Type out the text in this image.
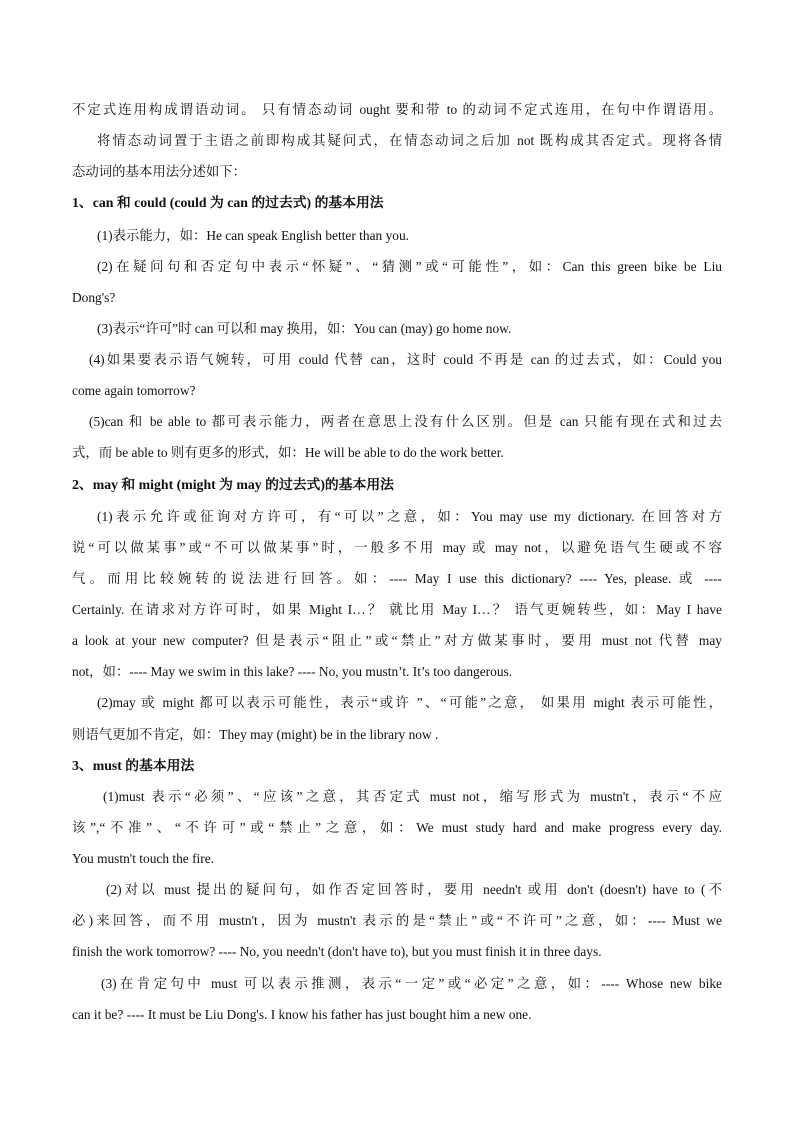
不定式连用构成谓语动词。 只有情态动词 ought 要和带 to 的动词不定式连用，在句中作谓语用。
将情态动词置于主语之前即构成其疑问式，在情态动词之后加 not 既构成其否定式。现将各情
态动词的基本用法分述如下：
1、can 和 could (could 为 can 的过去式) 的基本用法
(1)表示能力，如：He can speak English better than you.
(2)在疑问句和否定句中表示“怀疑”、“猜测”或“可能性”，如：Can this green bike be Liu
Dong's?
(3)表示“许可”时 can 可以和 may 换用，如：You can (may) go home now.
(4)如果要表示语气婉转，可用 could 代替 can，这时 could 不再是 can 的过去式，如：Could you
come again tomorrow?
(5)can 和 be able to 都可表示能力，两者在意思上没有什么区别。但是 can 只能有现在式和过去
式，而 be able to 则有更多的形式，如：He will be able to do the work better.
2、may 和 might (might 为 may 的过去式)的基本用法
(1)表示允许或征询对方许可，有“可以”之意，如：You may use my dictionary. 在回答对方
说“可以做某事”或“不可以做某事”时，一般多不用 may 或 may not，以避免语气生硬或不容
气。而用比较婉转的说法进行回答。如：---- May I use this dictionary? ---- Yes, please. 或 ----
Certainly. 在请求对方许可时，如果 Might I…？ 就比用 May I…？ 语气更婉转些，如：May I have
a look at your new computer? 但是表示“阻止”或“禁止”对方做某事时，要用 must not 代替 may
not，如：---- May we swim in this lake? ---- No, you mustn’t. It’s too dangerous.
(2)may 或 might 都可以表示可能性，表示“或许 ”、“可能”之意， 如果用 might 表示可能性，
则语气更加不肯定，如：They may (might) be in the library now .
3、must 的基本用法
(1)must 表示“必须”、“应该”之意，其否定式 must not，缩写形式为 mustn't，表示“不应
该”,“不准”、“不许可”或“禁止”之意，如：We must study hard and make progress every day.
You mustn't touch the fire.
(2)对以 must 提出的疑问句，如作否定回答时，要用 needn't 或用 don't (doesn't) have to (不
必)来回答，而不用 mustn't，因为 mustn't 表示的是“禁止”或“不许可”之意，如：---- Must we
finish the work tomorrow? ---- No, you needn't (don't have to), but you must finish it in three days.
(3)在肯定句中 must 可以表示推测，表示“一定”或“必定”之意，如：---- Whose new bike
can it be? ---- It must be Liu Dong's. I know his father has just bought him a new one.
